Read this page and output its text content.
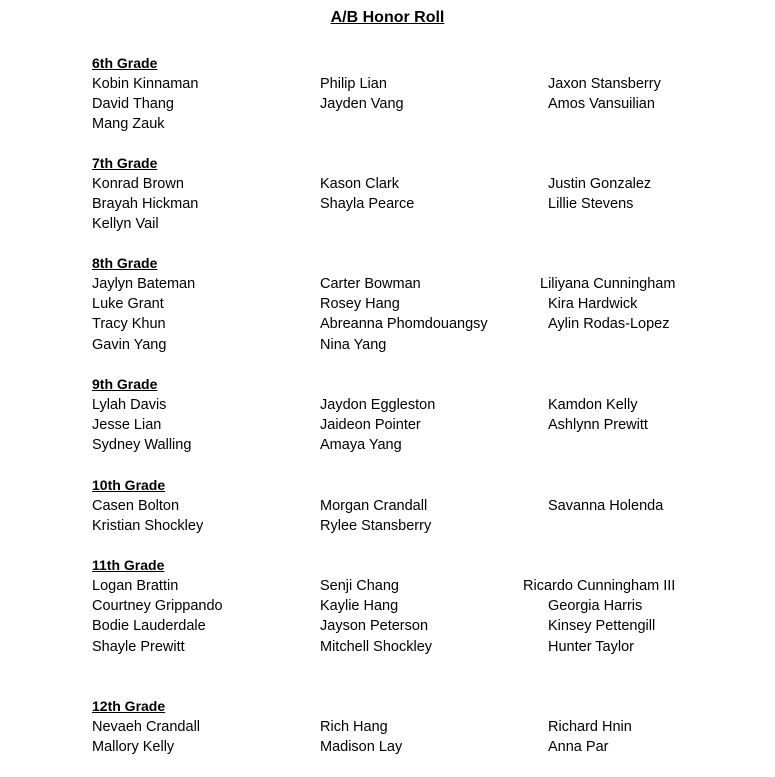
A/B Honor Roll
6th Grade
Kobin Kinnaman	Philip Lian	Jaxon Stansberry
David Thang	Jayden Vang	Amos Vansuilian
Mang Zauk
7th Grade
Konrad Brown	Kason Clark	Justin Gonzalez
Brayah Hickman	Shayla Pearce	Lillie Stevens
Kellyn Vail
8th Grade
Jaylyn Bateman	Carter Bowman	Liliyana Cunningham
Luke Grant	Rosey Hang	Kira Hardwick
Tracy Khun	Abreanna Phomdouangsy	Aylin Rodas-Lopez
Gavin Yang	Nina Yang
9th Grade
Lylah Davis	Jaydon Eggleston	Kamdon Kelly
Jesse Lian	Jaideon Pointer	Ashlynn Prewitt
Sydney Walling	Amaya Yang
10th Grade
Casen Bolton	Morgan Crandall	Savanna Holenda
Kristian Shockley	Rylee Stansberry
11th Grade
Logan Brattin	Senji Chang	Ricardo Cunningham III
Courtney Grippando	Kaylie Hang	Georgia Harris
Bodie Lauderdale	Jayson Peterson	Kinsey Pettengill
Shayle Prewitt	Mitchell Shockley	Hunter Taylor
12th Grade
Nevaeh Crandall	Rich Hang	Richard Hnin
Mallory Kelly	Madison Lay	Anna Par
